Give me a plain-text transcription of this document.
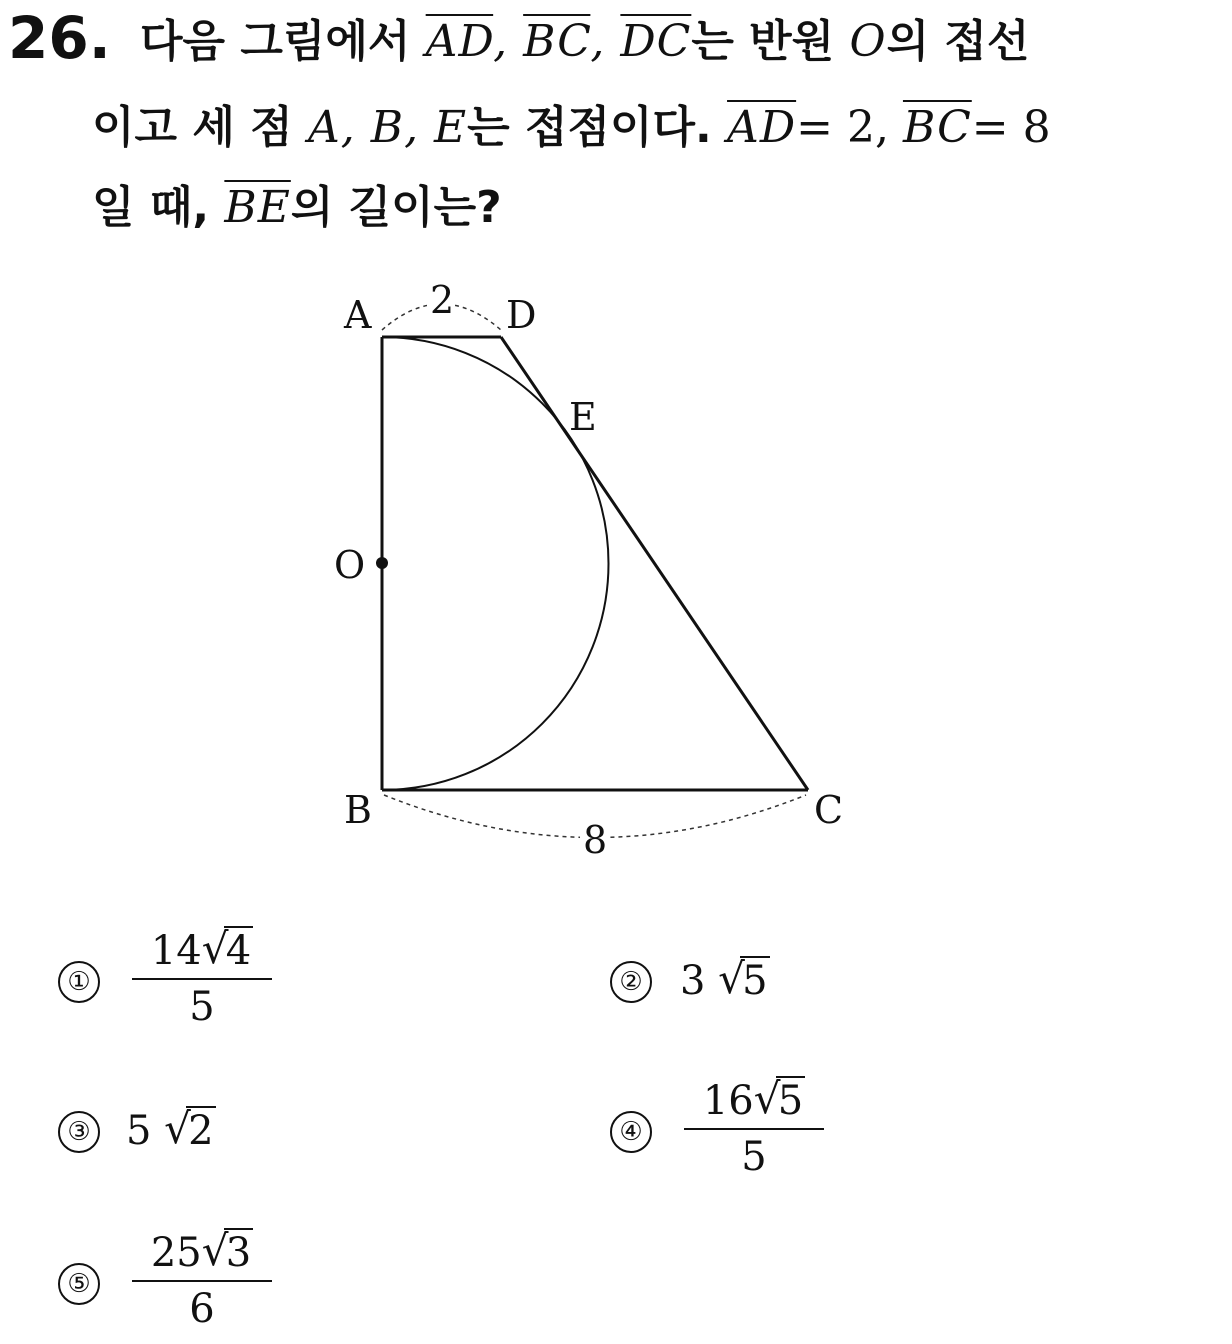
26. 다음 그림에서 $\overline{AD}$, $\overline{BC}$, $\overline{DC}$는 반원 O의 접선
이고 세 점 A, B, E는 접점이다. $\overline{AD}= 2$, $\overline{BC}= 8$
일 때, $\overline{BE}$의 길이는?
A	D
E
O
B	C
2
8
① 14 √
4
5	② 3 √
5
③ 5 √
2	④ 16 √
5
5
⑤ 25 √
3
6
